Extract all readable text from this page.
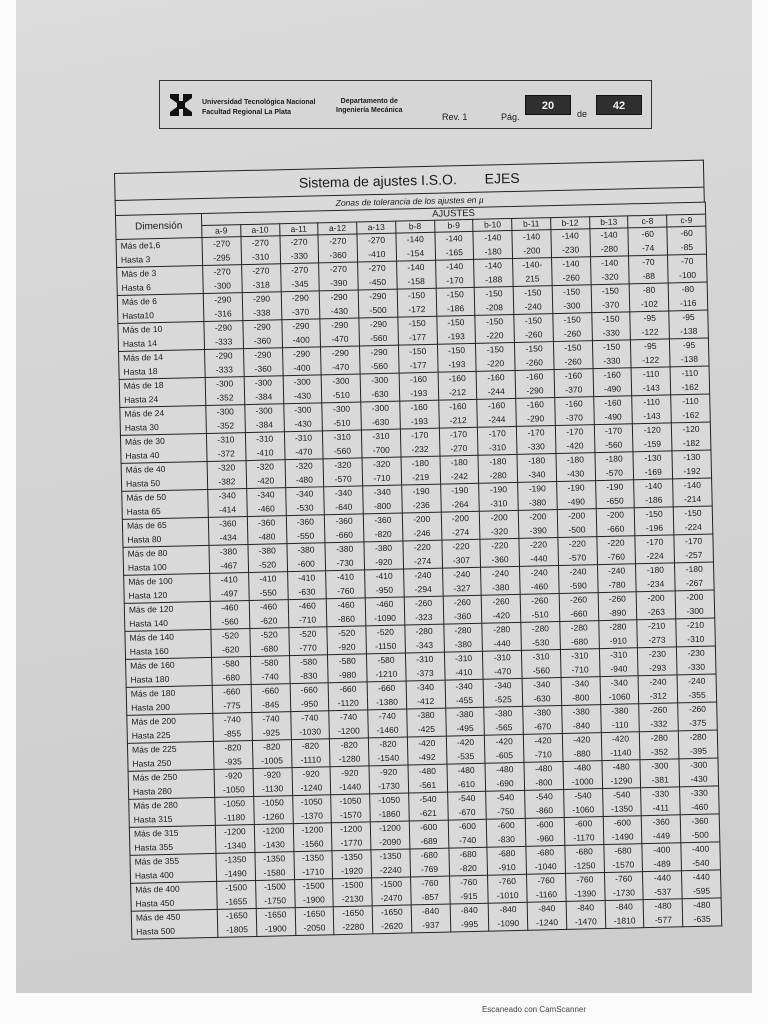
Universidad Tecnológica Nacional
Facultad Regional La Plata
Departamento de
Ingeniería Mecánica
Rev. 1	Pág.
20
de
42
Sistema de ajustes I.S.O. EJES
Zonas de tolerancia de los ajustes en µ
Dimensión	AJUSTES												
	a-9	a-10	a-11	a-12	a-13	b-8	b-9	b-10	b-11	b-12	b-13	c-8	c-9
Más de1,6	-270	-270	-270	-270	-270	-140	-140	-140	-140	-140	-140	-60	-60
Hasta 3	-295	-310	-330	-360	-410	-154	-165	-180	-200	-230	-280	-74	-85
Más de 3	-270	-270	-270	-270	-270	-140	-140	-140	-140-	-140	-140	-70	-70
Hasta 6	-300	-318	-345	-390	-450	-158	-170	-188	215	-260	-320	-88	-100
Más de 6	-290	-290	-290	-290	-290	-150	-150	-150	-150	-150	-150	-80	-80
Hasta10	-316	-338	-370	-430	-500	-172	-186	-208	-240	-300	-370	-102	-116
Más de 10	-290	-290	-290	-290	-290	-150	-150	-150	-150	-150	-150	-95	-95
Hasta 14	-333	-360	-400	-470	-560	-177	-193	-220	-260	-260	-330	-122	-138
Más de 14	-290	-290	-290	-290	-290	-150	-150	-150	-150	-150	-150	-95	-95
Hasta 18	-333	-360	-400	-470	-560	-177	-193	-220	-260	-260	-330	-122	-138
Más de 18	-300	-300	-300	-300	-300	-160	-160	-160	-160	-160	-160	-110	-110
Hasta 24	-352	-384	-430	-510	-630	-193	-212	-244	-290	-370	-490	-143	-162
Más de 24	-300	-300	-300	-300	-300	-160	-160	-160	-160	-160	-160	-110	-110
Hasta 30	-352	-384	-430	-510	-630	-193	-212	-244	-290	-370	-490	-143	-162
Más de 30	-310	-310	-310	-310	-310	-170	-170	-170	-170	-170	-170	-120	-120
Hasta 40	-372	-410	-470	-560	-700	-232	-270	-310	-330	-420	-560	-159	-182
Más de 40	-320	-320	-320	-320	-320	-180	-180	-180	-180	-180	-180	-130	-130
Hasta 50	-382	-420	-480	-570	-710	-219	-242	-280	-340	-430	-570	-169	-192
Más de 50	-340	-340	-340	-340	-340	-190	-190	-190	-190	-190	-190	-140	-140
Hasta 65	-414	-460	-530	-640	-800	-236	-264	-310	-380	-490	-650	-186	-214
Más de 65	-360	-360	-360	-360	-360	-200	-200	-200	-200	-200	-200	-150	-150
Hasta 80	-434	-480	-550	-660	-820	-246	-274	-320	-390	-500	-660	-196	-224
Más de 80	-380	-380	-380	-380	-380	-220	-220	-220	-220	-220	-220	-170	-170
Hasta 100	-467	-520	-600	-730	-920	-274	-307	-360	-440	-570	-760	-224	-257
Más de 100	-410	-410	-410	-410	-410	-240	-240	-240	-240	-240	-240	-180	-180
Hasta 120	-497	-550	-630	-760	-950	-294	-327	-380	-460	-590	-780	-234	-267
Más de 120	-460	-460	-460	-460	-460	-260	-260	-260	-260	-260	-260	-200	-200
Hasta 140	-560	-620	-710	-860	-1090	-323	-360	-420	-510	-660	-890	-263	-300
Más de 140	-520	-520	-520	-520	-520	-280	-280	-280	-280	-280	-280	-210	-210
Hasta 160	-620	-680	-770	-920	-1150	-343	-380	-440	-530	-680	-910	-273	-310
Más de 160	-580	-580	-580	-580	-580	-310	-310	-310	-310	-310	-310	-230	-230
Hasta 180	-680	-740	-830	-980	-1210	-373	-410	-470	-560	-710	-940	-293	-330
Más de 180	-660	-660	-660	-660	-660	-340	-340	-340	-340	-340	-340	-240	-240
Hasta 200	-775	-845	-950	-1120	-1380	-412	-455	-525	-630	-800	-1060	-312	-355
Más de 200	-740	-740	-740	-740	-740	-380	-380	-380	-380	-380	-380	-260	-260
Hasta 225	-855	-925	-1030	-1200	-1460	-425	-495	-565	-670	-840	-110	-332	-375
Más de 225	-820	-820	-820	-820	-820	-420	-420	-420	-420	-420	-420	-280	-280
Hasta 250	-935	-1005	-1110	-1280	-1540	-492	-535	-605	-710	-880	-1140	-352	-395
Más de 250	-920	-920	-920	-920	-920	-480	-480	-480	-480	-480	-480	-300	-300
Hasta 280	-1050	-1130	-1240	-1440	-1730	-561	-610	-690	-800	-1000	-1290	-381	-430
Más de 280	-1050	-1050	-1050	-1050	-1050	-540	-540	-540	-540	-540	-540	-330	-330
Hasta 315	-1180	-1260	-1370	-1570	-1860	-621	-670	-750	-860	-1060	-1350	-411	-460
Más de 315	-1200	-1200	-1200	-1200	-1200	-600	-600	-600	-600	-600	-600	-360	-360
Hasta 355	-1340	-1430	-1560	-1770	-2090	-689	-740	-830	-960	-1170	-1490	-449	-500
Más de 355	-1350	-1350	-1350	-1350	-1350	-680	-680	-680	-680	-680	-680	-400	-400
Hasta 400	-1490	-1580	-1710	-1920	-2240	-769	-820	-910	-1040	-1250	-1570	-489	-540
Más de 400	-1500	-1500	-1500	-1500	-1500	-760	-760	-760	-760	-760	-760	-440	-440
Hasta 450	-1655	-1750	-1900	-2130	-2470	-857	-915	-1010	-1160	-1390	-1730	-537	-595
Más de 450	-1650	-1650	-1650	-1650	-1650	-840	-840	-840	-840	-840	-840	-480	-480
Hasta 500	-1805	-1900	-2050	-2280	-2620	-937	-995	-1090	-1240	-1470	-1810	-577	-635
Escaneado con CamScanner
